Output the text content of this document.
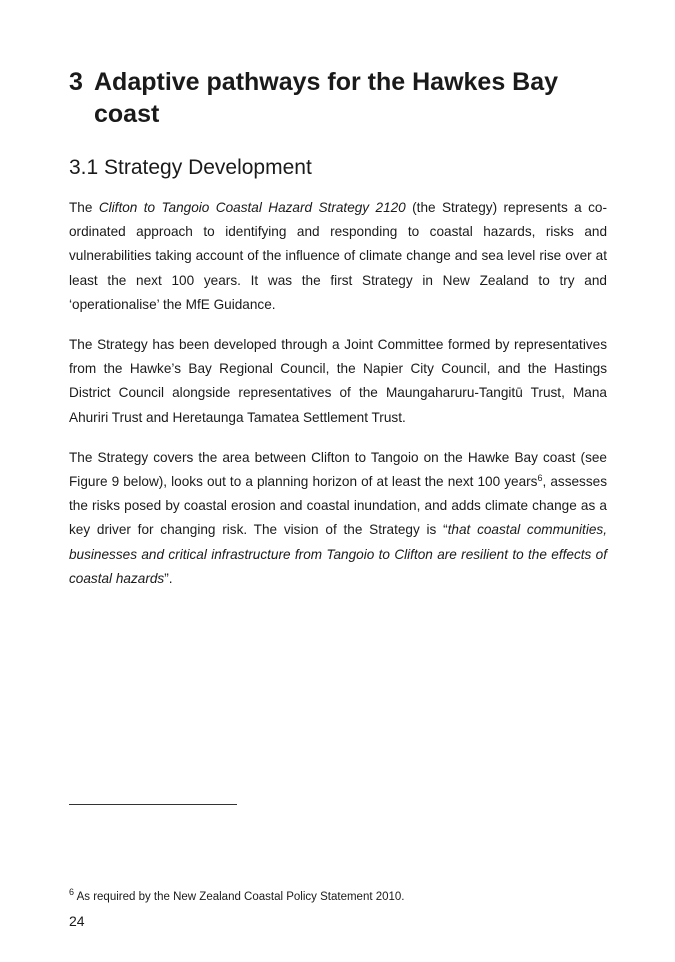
3 Adaptive pathways for the Hawkes Bay coast
3.1 Strategy Development

The Clifton to Tangoio Coastal Hazard Strategy 2120 (the Strategy) represents a co-ordinated approach to identifying and responding to coastal hazards, risks and vulnerabilities taking account of the influence of climate change and sea level rise over at least the next 100 years. It was the first Strategy in New Zealand to try and ‘operationalise’ the MfE Guidance.

The Strategy has been developed through a Joint Committee formed by representatives from the Hawke’s Bay Regional Council, the Napier City Council, and the Hastings District Council alongside representatives of the Maungaharuru-Tangitū Trust, Mana Ahuriri Trust and Heretaunga Tamatea Settlement Trust.

The Strategy covers the area between Clifton to Tangoio on the Hawke Bay coast (see Figure 9 below), looks out to a planning horizon of at least the next 100 years$^6$, assesses the risks posed by coastal erosion and coastal inundation, and adds climate change as a key driver for changing risk. The vision of the Strategy is “that coastal communities, businesses and critical infrastructure from Tangoio to Clifton are resilient to the effects of coastal hazards”.

$^6$ As required by the New Zealand Coastal Policy Statement 2010.
24
